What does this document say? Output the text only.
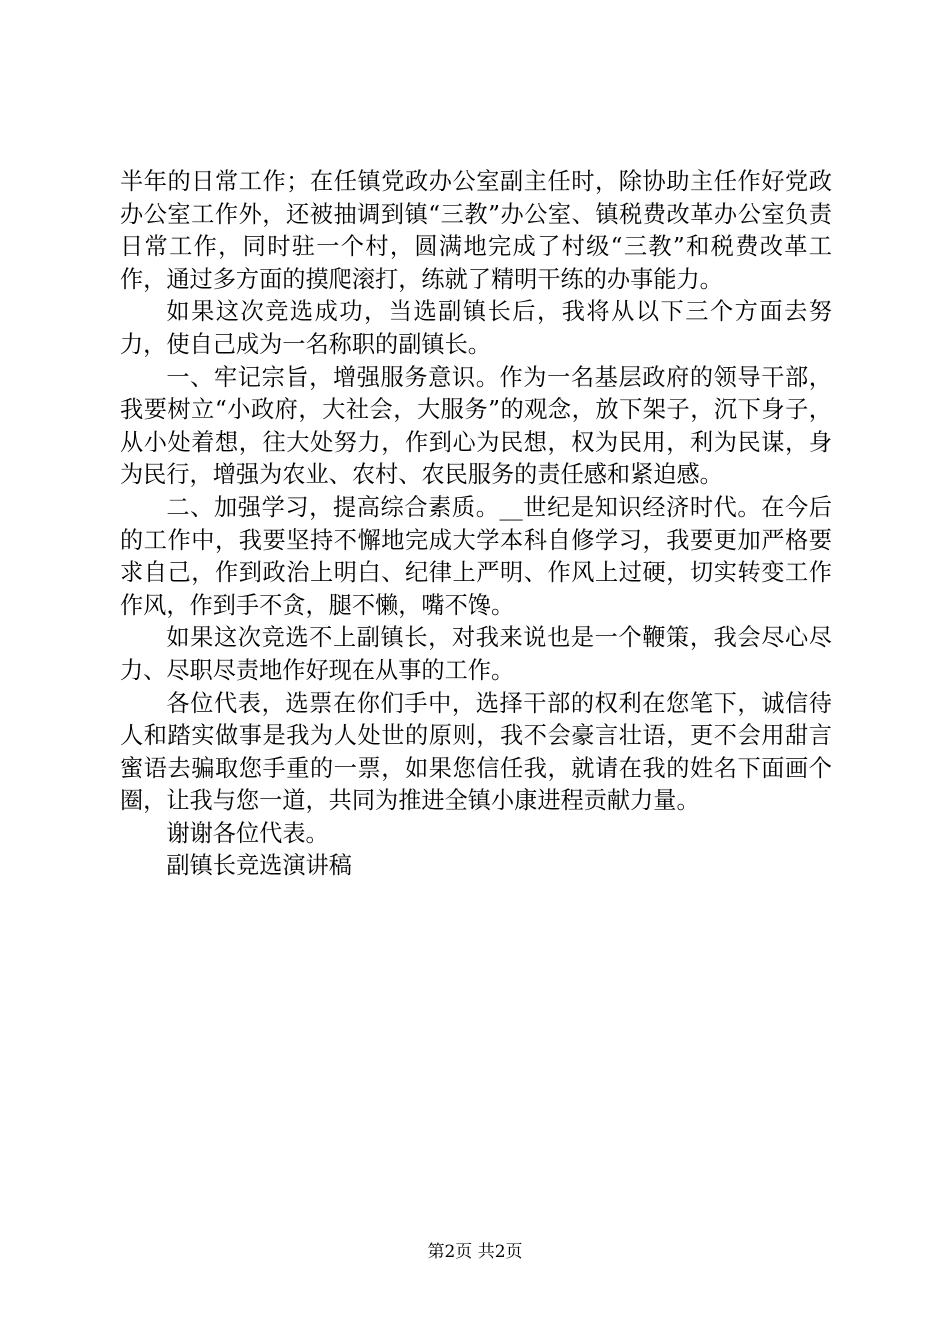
半年的日常工作；在任镇党政办公室副主任时，除协助主任作好党政办公室工作外，还被抽调到镇“三教”办公室、镇税费改革办公室负责日常工作，同时驻一个村，圆满地完成了村级“三教”和税费改革工作，通过多方面的摸爬滚打，练就了精明干练的办事能力。

如果这次竞选成功，当选副镇长后，我将从以下三个方面去努力，使自己成为一名称职的副镇长。

一、牢记宗旨，增强服务意识。作为一名基层政府的领导干部，我要树立“小政府，大社会，大服务”的观念，放下架子，沉下身子，从小处着想，往大处努力，作到心为民想，权为民用，利为民谋，身为民行，增强为农业、农村、农民服务的责任感和紧迫感。

二、加强学习，提高综合素质。__世纪是知识经济时代。在今后的工作中，我要坚持不懈地完成大学本科自修学习，我要更加严格要求自己，作到政治上明白、纪律上严明、作风上过硬，切实转变工作作风，作到手不贪，腿不懒，嘴不馋。

如果这次竞选不上副镇长，对我来说也是一个鞭策，我会尽心尽力、尽职尽责地作好现在从事的工作。

各位代表，选票在你们手中，选择干部的权利在您笔下，诚信待人和踏实做事是我为人处世的原则，我不会豪言壮语，更不会用甜言蜜语去骗取您手重的一票，如果您信任我，就请在我的姓名下面画个圈，让我与您一道，共同为推进全镇小康进程贡献力量。

谢谢各位代表。

副镇长竞选演讲稿

第2页 共2页
